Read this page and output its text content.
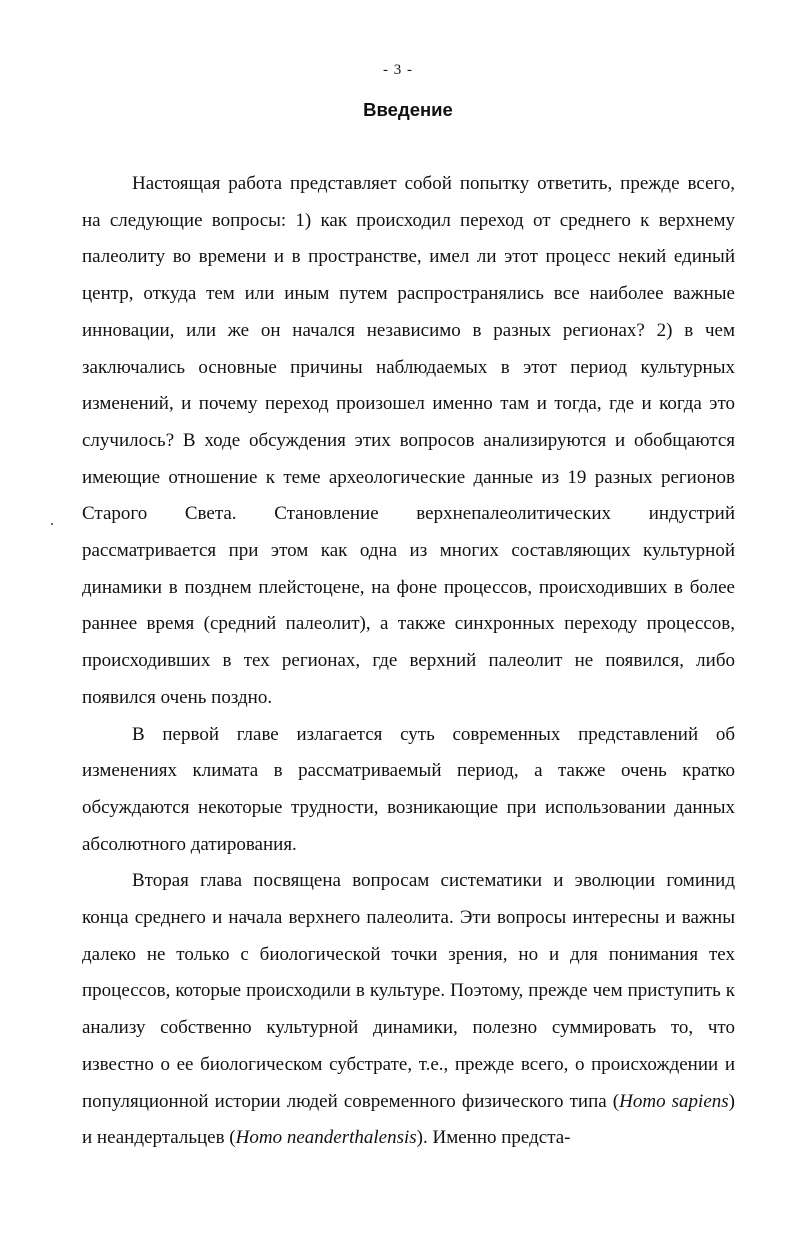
- 3 -
Введение

Настоящая работа представляет собой попытку ответить, прежде всего, на следующие вопросы: 1) как происходил переход от среднего к верхнему палеолиту во времени и в пространстве, имел ли этот процесс некий единый центр, откуда тем или иным путем распространялись все наиболее важные инновации, или же он начался независимо в разных регионах? 2) в чем заключались основные причины наблюдаемых в этот период культурных изменений, и почему переход произошел именно там и тогда, где и когда это случилось? В ходе обсуждения этих вопросов анализируются и обобщаются имеющие отношение к теме археологические данные из 19 разных регионов Старого Света. Становление верхнепалеолитических индустрий рассматривается при этом как одна из многих составляющих культурной динамики в позднем плейстоцене, на фоне процессов, происходивших в более раннее время (средний палеолит), а также синхронных переходу процессов, происходивших в тех регионах, где верхний палеолит не появился, либо появился очень поздно.

В первой главе излагается суть современных представлений об изменениях климата в рассматриваемый период, а также очень кратко обсуждаются некоторые трудности, возникающие при использовании данных абсолютного датирования.

Вторая глава посвящена вопросам систематики и эволюции гоминид конца среднего и начала верхнего палеолита. Эти вопросы интересны и важны далеко не только с биологической точки зрения, но и для понимания тех процессов, которые происходили в культуре. Поэтому, прежде чем приступить к анализу собственно культурной динамики, полезно суммировать то, что известно о ее биологическом субстрате, т.е., прежде всего, о происхождении и популяционной истории людей современного физического типа (Homo sapiens) и неандертальцев (Homo neanderthalensis). Именно предста-
